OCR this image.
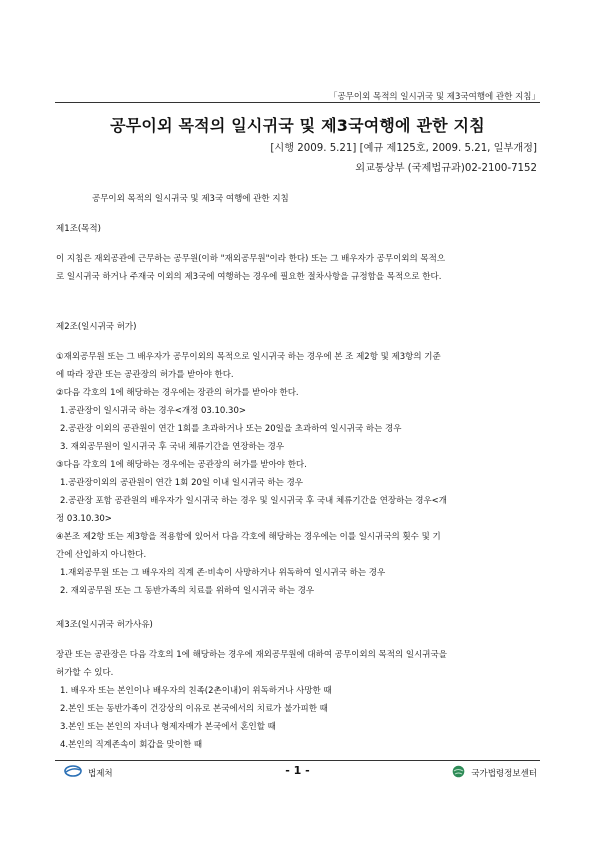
「공무이외 목적의 일시귀국 및 제3국여행에 관한 지침」
공무이외 목적의 일시귀국 및 제3국여행에 관한 지침
[시행 2009. 5.21] [예규 제125호, 2009. 5.21, 일부개정]
외교통상부 (국제법규과)02-2100-7152
공무이외 목적의 일시귀국 및 제3국 여행에 관한 지침
제1조(목적)
이 지침은 재외공관에 근무하는 공무원(이하 "재외공무원"이라 한다) 또는 그 배우자가 공무이외의 목적으
로 일시귀국 하거나 주재국 이외의 제3국에 여행하는 경우에 필요한 절차사항을 규정함을 목적으로 한다.
제2조(일시귀국 허가)
①재외공무원 또는 그 배우자가 공무이외의 목적으로 일시귀국 하는 경우에 본 조 제2항 및 제3항의 기준
에 따라 장관 또는 공관장의 허가를 받아야 한다.
②다음 각호의 1에 해당하는 경우에는 장관의 허가를 받아야 한다.
1.공관장이 일시귀국 하는 경우<개정 03.10.30>
2.공관장 이외의 공관원이 연간 1회를 초과하거나 또는 20일을 초과하여 일시귀국 하는 경우
3. 재외공무원이 일시귀국 후 국내 체류기간을 연장하는 경우
③다음 각호의 1에 해당하는 경우에는 공관장의 허가를 받아야 한다.
1.공관장이외의 공관원이 연간 1회 20일 이내 일시귀국 하는 경우
2.공관장 포함 공관원의 배우자가 일시귀국 하는 경우 및 일시귀국 후 국내 체류기간을 연장하는 경우<개
정 03.10.30>
④본조 제2항 또는 제3항을 적용함에 있어서 다음 각호에 해당하는 경우에는 이를 일시귀국의 횟수 및 기
간에 산입하지 아니한다.
1.재외공무원 또는 그 배우자의 직계 존·비속이 사망하거나 위독하여 일시귀국 하는 경우
2. 재외공무원 또는 그 동반가족의 치료를 위하여 일시귀국 하는 경우
제3조(일시귀국 허가사유)
장관 또는 공관장은 다음 각호의 1에 해당하는 경우에 재외공무원에 대하여 공무이외의 목적의 일시귀국을
허가할 수 있다.
1. 배우자 또는 본인이나 배우자의 친족(2촌이내)이 위독하거나 사망한 때
2.본인 또는 동반가족이 건강상의 이유로 본국에서의 치료가 불가피한 때
3.본인 또는 본인의 자녀나 형제자매가 본국에서 혼인할 때
4.본인의 직계존속이 회갑을 맞이한 때
법제처	- 1 -	국가법령정보센터
